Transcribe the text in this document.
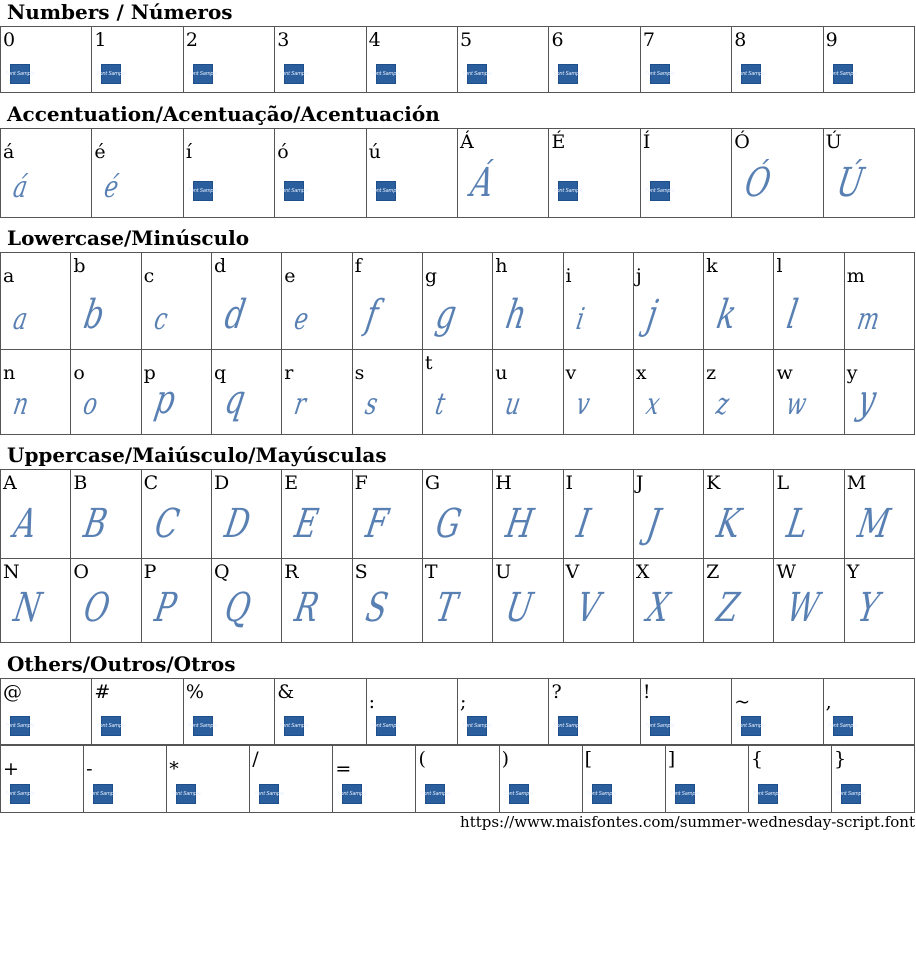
Numbers / Números
Accentuation/Acentuação/Acentuación
Lowercase/Minúsculo
Uppercase/Maiúsculo/Mayúsculas
Others/Outros/Otros
0
Font Sample
1
Font Sample
2
Font Sample
3
Font Sample
4
Font Sample
5
Font Sample
6
Font Sample
7
Font Sample
8
Font Sample
9
Font Sample
á
á
é
é
í
Font Sample
ó
Font Sample
ú
Font Sample
Á
Á
É
Font Sample
Í
Font Sample
Ó
Ó
Ú
Ú
a
a
b
b
c
c
d
d
e
e
f
f
g
g
h
h
i
i
j
j
k
k
l
l
m
m
n
n
o
o
p
p
q
q
r
r
s
s
t
t
u
u
v
v
x
x
z
z
w
w
y
y
A
A
B
B
C
C
D
D
E
E
F
F
G
G
H
H
I
I
J
J
K
K
L
L
M
M
N
N
O
O
P
P
Q
Q
R
R
S
S
T
T
U
U
V
V
X
X
Z
Z
W
W
Y
Y
@
Font Sample
#
Font Sample
%
Font Sample
&
Font Sample
:
Font Sample
;
Font Sample
?
Font Sample
!
Font Sample
~
Font Sample
,
Font Sample
+
Font Sample
-
Font Sample
*
Font Sample
/
Font Sample
=
Font Sample
(
Font Sample
)
Font Sample
[
Font Sample
]
Font Sample
{
Font Sample
}
Font Sample
https://www.maisfontes.com/summer-wednesday-script.font
